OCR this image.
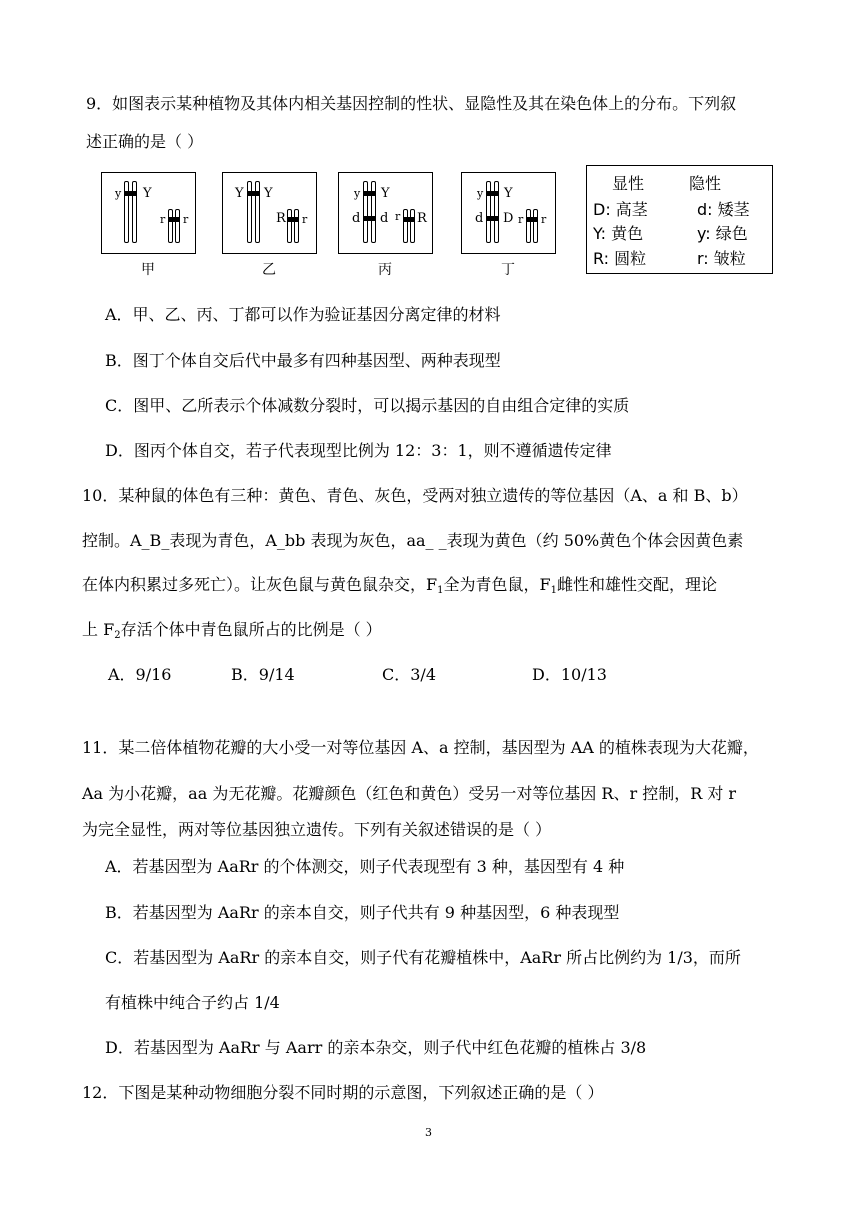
9．如图表示某种植物及其体内相关基因控制的性状、显隐性及其在染色体上的分布。下列叙
述正确的是（ ）
y Y
r r
甲
Y Y
R r
乙
y Y
d d r R
丙
y Y
d D r r
丁
显性	隐性
D: 高茎	d: 矮茎
Y: 黄色	y: 绿色
R: 圆粒	r: 皱粒
A．甲、乙、丙、丁都可以作为验证基因分离定律的材料
B．图丁个体自交后代中最多有四种基因型、两种表现型
C．图甲、乙所表示个体减数分裂时，可以揭示基因的自由组合定律的实质
D．图丙个体自交，若子代表现型比例为 12：3：1，则不遵循遗传定律
10．某种鼠的体色有三种：黄色、青色、灰色，受两对独立遗传的等位基因（A、a 和 B、b）
控制。A_B_表现为青色，A_bb 表现为灰色，aa_ _表现为黄色（约 50%黄色个体会因黄色素
在体内积累过多死亡）。让灰色鼠与黄色鼠杂交，$F_1$全为青色鼠，$F_1$雌性和雄性交配，理论
上 $F_2$存活个体中青色鼠所占的比例是（ ）
A．9/16	B．9/14	C．3/4	D．10/13
11．某二倍体植物花瓣的大小受一对等位基因 A、a 控制，基因型为 AA 的植株表现为大花瓣，
Aa 为小花瓣，aa 为无花瓣。花瓣颜色（红色和黄色）受另一对等位基因 R、r 控制，R 对 r
为完全显性，两对等位基因独立遗传。下列有关叙述错误的是（ ）
A．若基因型为 AaRr 的个体测交，则子代表现型有 3 种，基因型有 4 种
B．若基因型为 AaRr 的亲本自交，则子代共有 9 种基因型，6 种表现型
C．若基因型为 AaRr 的亲本自交，则子代有花瓣植株中，AaRr 所占比例约为 1/3，而所
有植株中纯合子约占 1/4
D．若基因型为 AaRr 与 Aarr 的亲本杂交，则子代中红色花瓣的植株占 3/8
12．下图是某种动物细胞分裂不同时期的示意图，下列叙述正确的是（ ）
3
